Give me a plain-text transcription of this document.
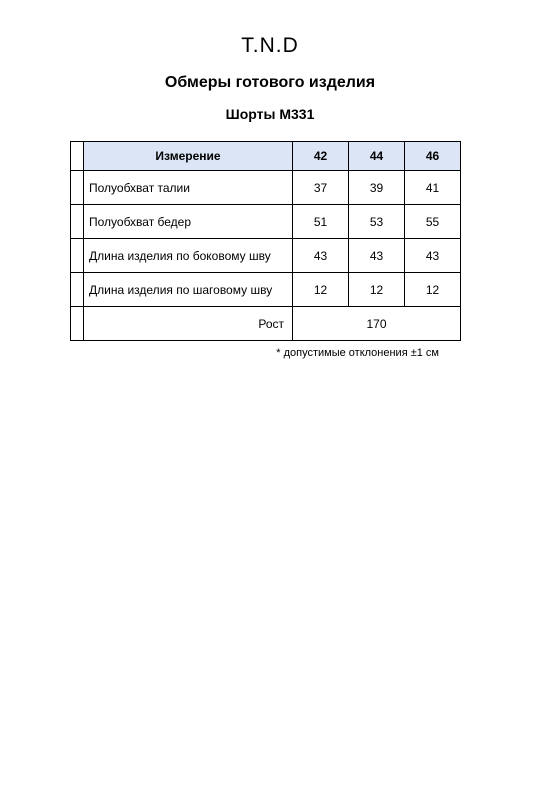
T.N.D
Обмеры готового изделия
Шорты М331
	Измерение	42	44	46
	Полуобхват талии	37	39	41
	Полуобхват бедер	51	53	55
	Длина изделия по боковому шву	43	43	43
	Длина изделия по шаговому шву	12	12	12
	Рост	170		
* допустимые отклонения ±1 см
